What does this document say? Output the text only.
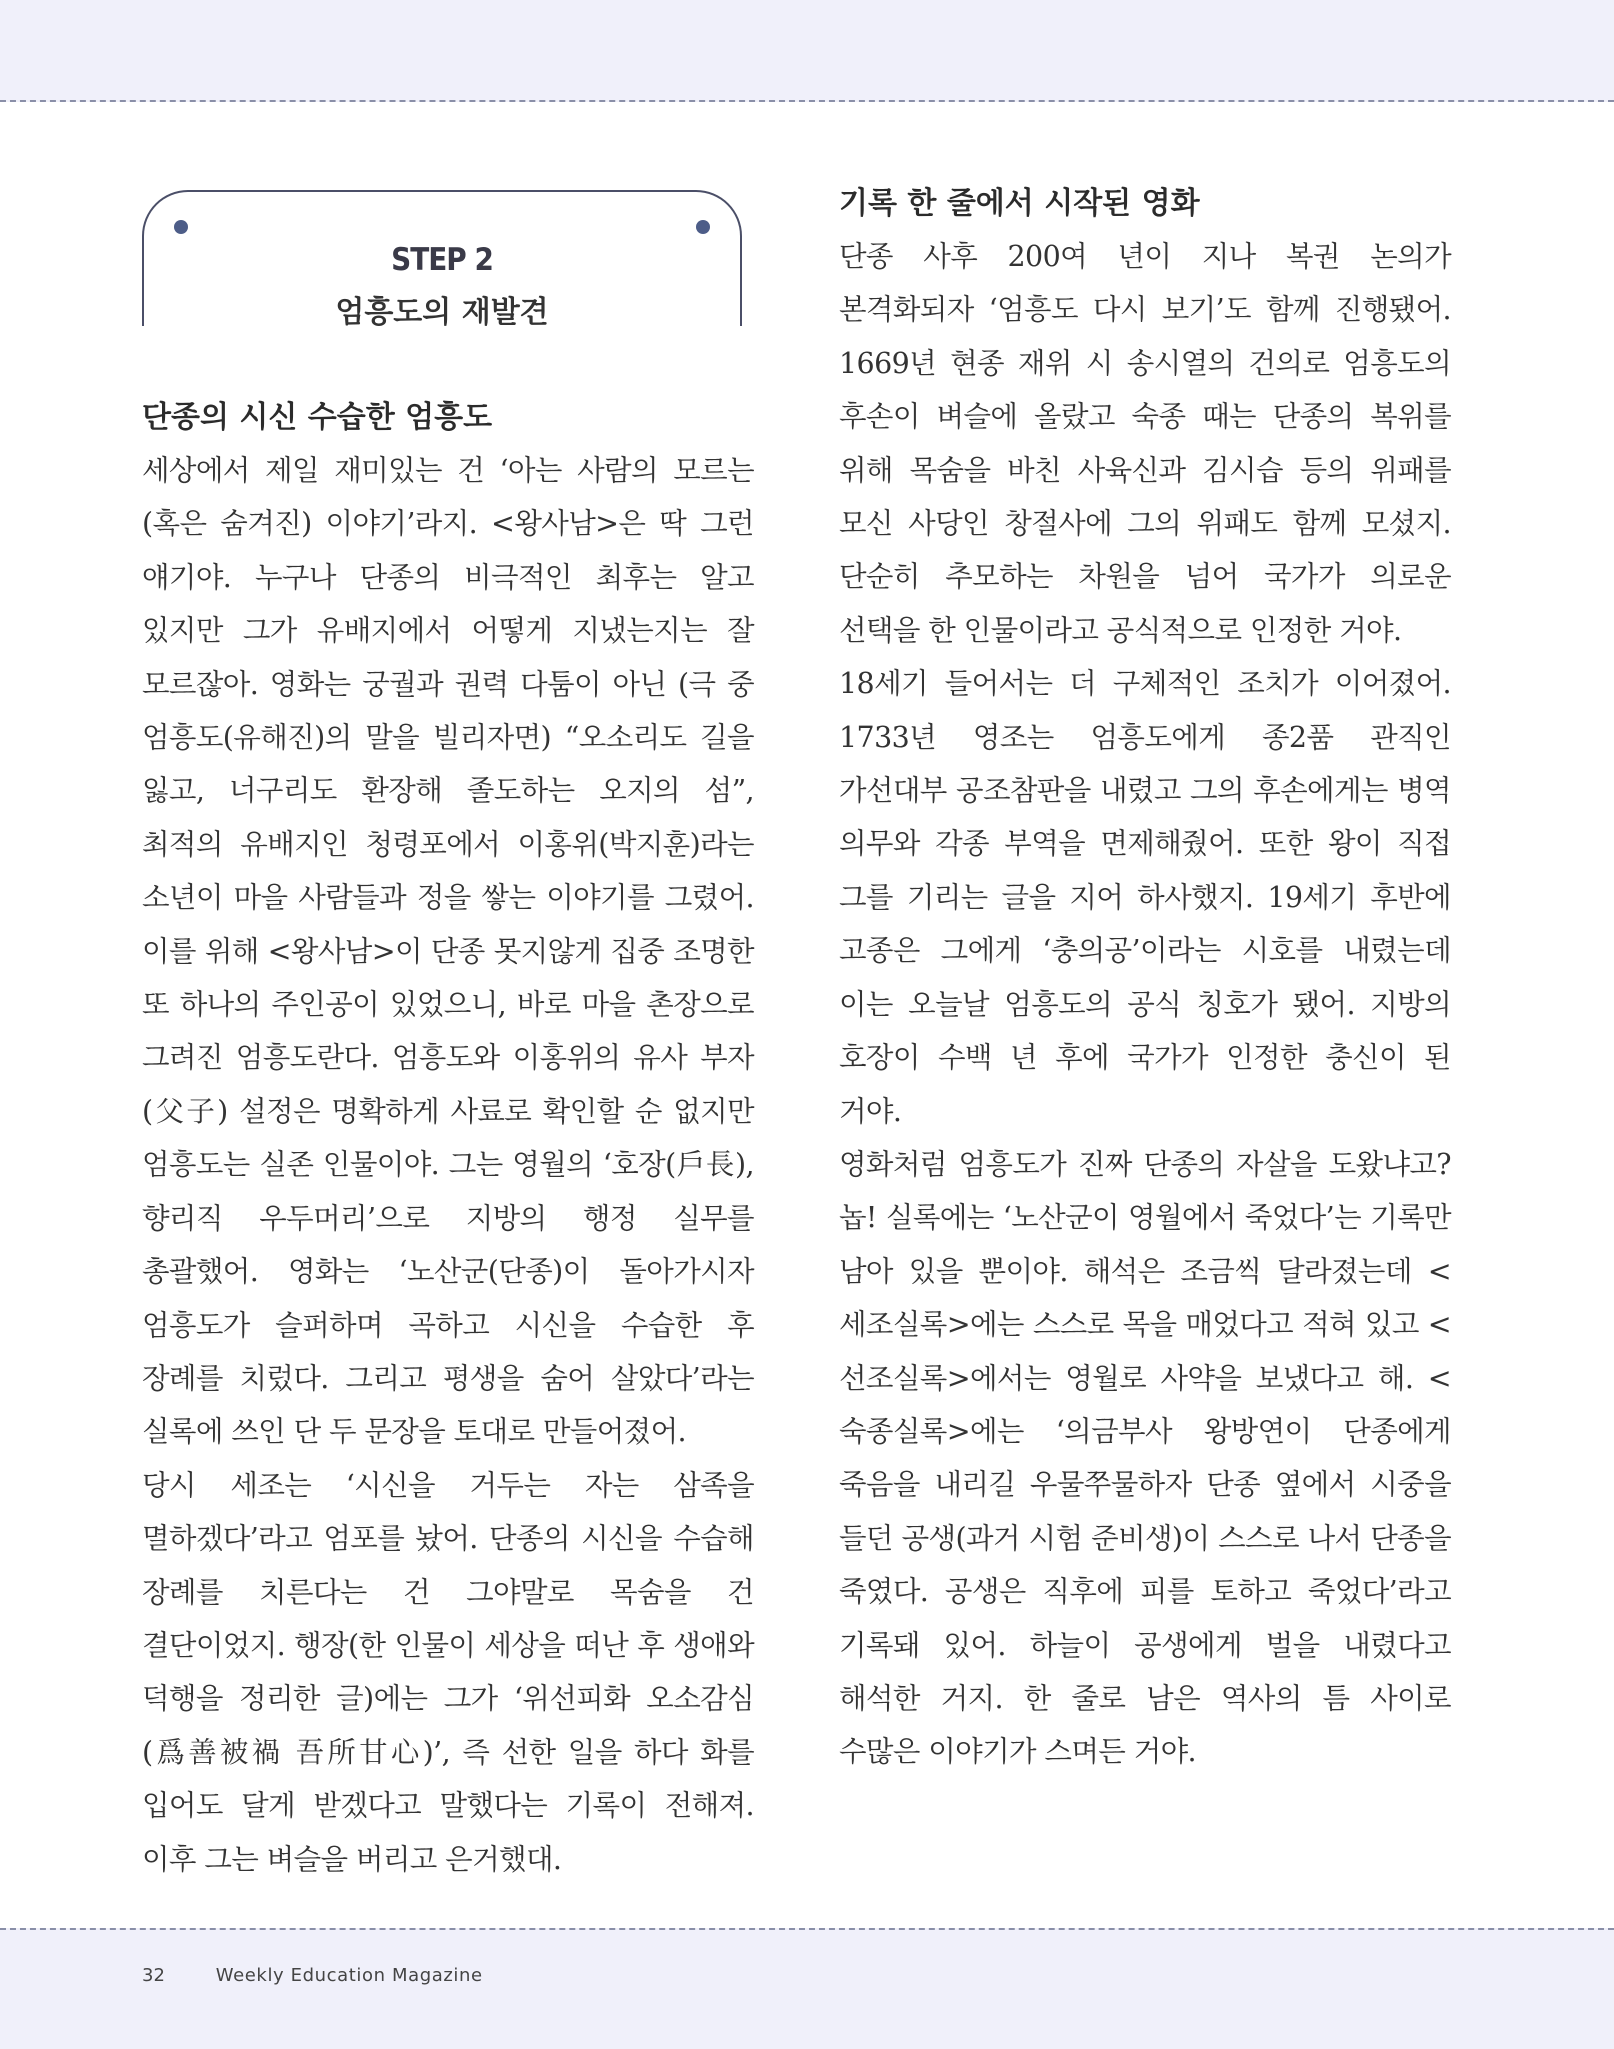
STEP 2
엄흥도의 재발견
단종의 시신 수습한 엄흥도

세상에서 제일 재미있는 건 ‘아는 사람의 모르는(혹은 숨겨진) 이야기’라지. <왕사남>은 딱 그런 얘기야. 누구나 단종의 비극적인 최후는 알고 있지만 그가 유배지에서 어떻게 지냈는지는 잘 모르잖아. 영화는 궁궐과 권력 다툼이 아닌 (극 중 엄흥도(유해진)의 말을 빌리자면) “오소리도 길을 잃고, 너구리도 환장해 졸도하는 오지의 섬”, 최적의 유배지인 청령포에서 이홍위(박지훈)라는 소년이 마을 사람들과 정을 쌓는 이야기를 그렸어. 이를 위해 <왕사남>이 단종 못지않게 집중 조명한 또 하나의 주인공이 있었으니, 바로 마을 촌장으로 그려진 엄흥도란다. 엄흥도와 이홍위의 유사 부자(父子) 설정은 명확하게 사료로 확인할 순 없지만 엄흥도는 실존 인물이야. 그는 영월의 ‘호장(戶長), 향리직 우두머리’으로 지방의 행정 실무를 총괄했어. 영화는 ‘노산군(단종)이 돌아가시자 엄흥도가 슬퍼하며 곡하고 시신을 수습한 후 장례를 치렀다. 그리고 평생을 숨어 살았다’라는 실록에 쓰인 단 두 문장을 토대로 만들어졌어.

당시 세조는 ‘시신을 거두는 자는 삼족을 멸하겠다’라고 엄포를 놨어. 단종의 시신을 수습해 장례를 치른다는 건 그야말로 목숨을 건 결단이었지. 행장(한 인물이 세상을 떠난 후 생애와 덕행을 정리한 글)에는 그가 ‘위선피화 오소감심(爲善被禍 吾所甘心)’, 즉 선한 일을 하다 화를 입어도 달게 받겠다고 말했다는 기록이 전해져. 이후 그는 벼슬을 버리고 은거했대.

기록 한 줄에서 시작된 영화

단종 사후 200여 년이 지나 복권 논의가 본격화되자 ‘엄흥도 다시 보기’도 함께 진행됐어. 1669년 현종 재위 시 송시열의 건의로 엄흥도의 후손이 벼슬에 올랐고 숙종 때는 단종의 복위를 위해 목숨을 바친 사육신과 김시습 등의 위패를 모신 사당인 창절사에 그의 위패도 함께 모셨지. 단순히 추모하는 차원을 넘어 국가가 의로운 선택을 한 인물이라고 공식적으로 인정한 거야.

18세기 들어서는 더 구체적인 조치가 이어졌어. 1733년 영조는 엄흥도에게 종2품 관직인 가선대부 공조참판을 내렸고 그의 후손에게는 병역 의무와 각종 부역을 면제해줬어. 또한 왕이 직접 그를 기리는 글을 지어 하사했지. 19세기 후반에 고종은 그에게 ‘충의공’이라는 시호를 내렸는데 이는 오늘날 엄흥도의 공식 칭호가 됐어. 지방의 호장이 수백 년 후에 국가가 인정한 충신이 된 거야.

영화처럼 엄흥도가 진짜 단종의 자살을 도왔냐고? 놉! 실록에는 ‘노산군이 영월에서 죽었다’는 기록만 남아 있을 뿐이야. 해석은 조금씩 달라졌는데 <세조실록>에는 스스로 목을 매었다고 적혀 있고 <선조실록>에서는 영월로 사약을 보냈다고 해. <숙종실록>에는 ‘의금부사 왕방연이 단종에게 죽음을 내리길 우물쭈물하자 단종 옆에서 시중을 들던 공생(과거 시험 준비생)이 스스로 나서 단종을 죽였다. 공생은 직후에 피를 토하고 죽었다’라고 기록돼 있어. 하늘이 공생에게 벌을 내렸다고 해석한 거지. 한 줄로 남은 역사의 틈 사이로 수많은 이야기가 스며든 거야.

32	Weekly Education Magazine
